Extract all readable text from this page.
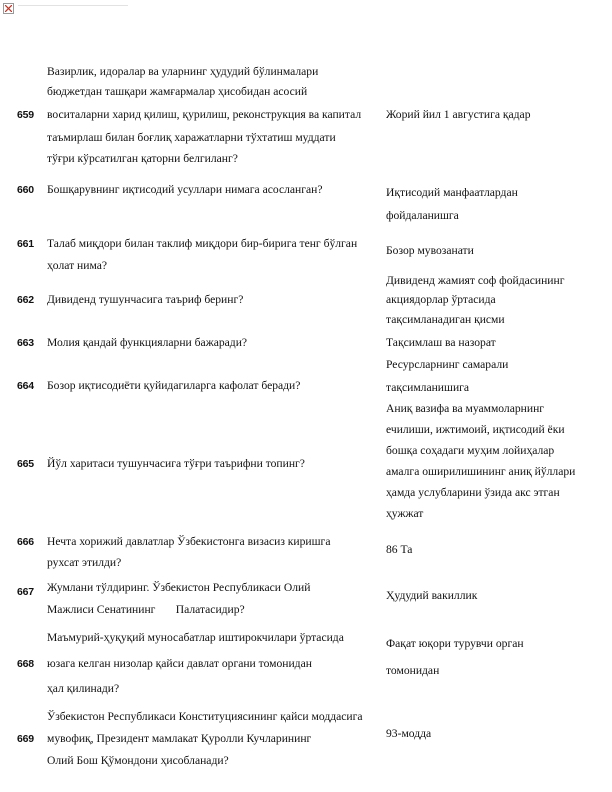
659
Вазирлик, идоралар ва уларнинг ҳудудий бўлинмалари
бюджетдан ташқари жамғармалар ҳисобидан асосий
воситаларни харид қилиш, қурилиш, реконструкция ва капитал
таъмирлаш билан боғлиқ харажатларни тўхтатиш муддати
тўғри кўрсатилган қаторни белгиланг?
Жорий йил 1 августига қадар
660 Бошқарувнинг иқтисодий усуллари нимага асосланган?	Иқтисодий манфаатлардан
фойдаланишга
661 Талаб миқдори билан таклиф миқдори бир-бирига тенг бўлган
ҳолат нима?
Бозор мувозанати
662 Дивиденд тушунчасига таъриф беринг?
Дивиденд жамият соф фойдасининг
акциядорлар ўртасида
тақсимланадиган қисми
663 Молия қандай функцияларни бажаради?	Тақсимлаш ва назорат
664 Бозор иқтисодиёти қуйидагиларга кафолат беради?
Ресурсларнинг самарали
тақсимланишига
665 Йўл харитаси тушунчасига тўғри таърифни топинг?
Аниқ вазифа ва муаммоларнинг
ечилиши, ижтимоий, иқтисодий ёки
бошқа соҳадаги муҳим лойиҳалар
амалга оширилишининг аниқ йўллари
ҳамда услубларини ўзида акс этган
ҳужжат
666 Нечта хорижий давлатлар Ўзбекистонга визасиз киришга
рухсат этилди?
86 Та
667 Жумлани тўлдиринг. Ўзбекистон Республикаси Олий
Мажлиси Сенатининг       Палатасидир?
Ҳудудий вакиллик
668
Маъмурий-ҳуқуқий муносабатлар иштирокчилари ўртасида
юзага келган низолар қайси давлат органи томонидан
ҳал қилинади?
Фақат юқори турувчи орган
томонидан
669
Ўзбекистон Республикаси Конституциясининг қайси моддасига
мувофиқ, Президент мамлакат Қуролли Кучларининг
Олий Бош Қўмондони ҳисобланади?
93-модда
